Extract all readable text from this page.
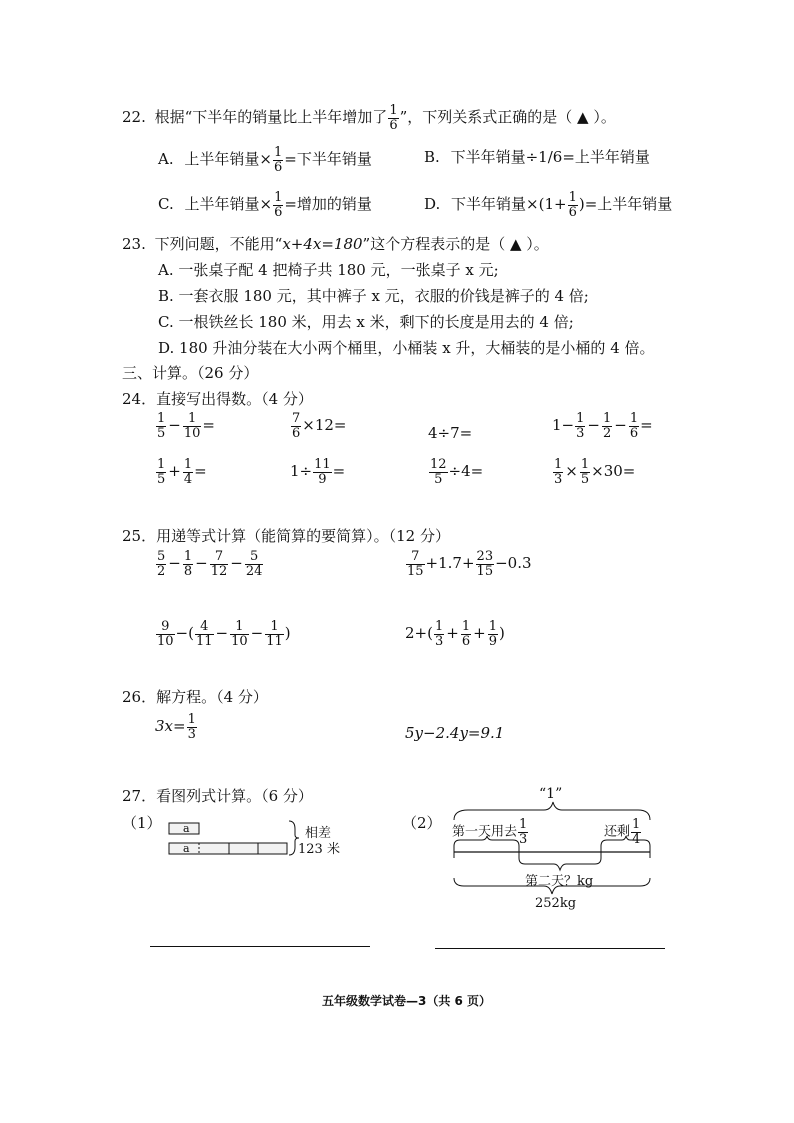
22. 根据“下半年的销量比上半年增加了 $\frac{1}{6}$ ”，下列关系式正确的是（ ▲ ）。
A. 上半年销量× $\frac{1}{6}$ =下半年销量	B. 下半年销量÷1/6=上半年销量
C. 上半年销量× $\frac{1}{6}$ =增加的销量	D. 下半年销量$\times(1+ \frac{1}{6}$ )=上半年销量
23. 下列问题，不能用“x+4x=180”这个方程表示的是（ ▲ ）。
A. 一张桌子配 4 把椅子共 180 元，一张桌子 x 元;
B. 一套衣服 180 元，其中裤子 x 元，衣服的价钱是裤子的 4 倍;
C. 一根铁丝长 180 米，用去 x 米，剩下的长度是用去的 4 倍;
D. 180 升油分装在大小两个桶里，小桶装 x 升，大桶装的是小桶的 4 倍。
三、计算。（26 分）
24．直接写出得数。（4 分）
$\frac{1}{5} - \frac{1}{10}$ =	$\frac{7}{6} \times 12=$	4÷7=	$1- \frac{1}{3} - \frac{1}{2} - \frac{1}{6}$ =
$\frac{1}{5} + \frac{1}{4}$ =	$1\div \frac{11}{9}$ =	$\frac{12}{5} \div 4=$	$\frac{1}{3} \times \frac{1}{5} \times 30=$
25．用递等式计算（能简算的要简算）。（12 分）
$\frac{5}{2} - \frac{1}{8} - \frac{7}{12} - \frac{5}{24}$	$\frac{7}{15} +1.7+ \frac{23}{15} -0.3$
$\frac{9}{10}$ −( $\frac{4}{11} - \frac{1}{10} - \frac{1}{11}$ )	$2+( \frac{1}{3} + \frac{1}{6} + \frac{1}{9}$ )
26．解方程。（4 分）
$3x= \frac{1}{3}$	5y−2.4y=9.1
27．看图列式计算。（6 分）
（1） a
a
相差
123 米
（2）
“1”
第一天用去 $\frac{1}{3}$	还剩 $\frac{1}{4}$
第二天？kg
252kg
五年级数学试卷—3（共 6 页）
